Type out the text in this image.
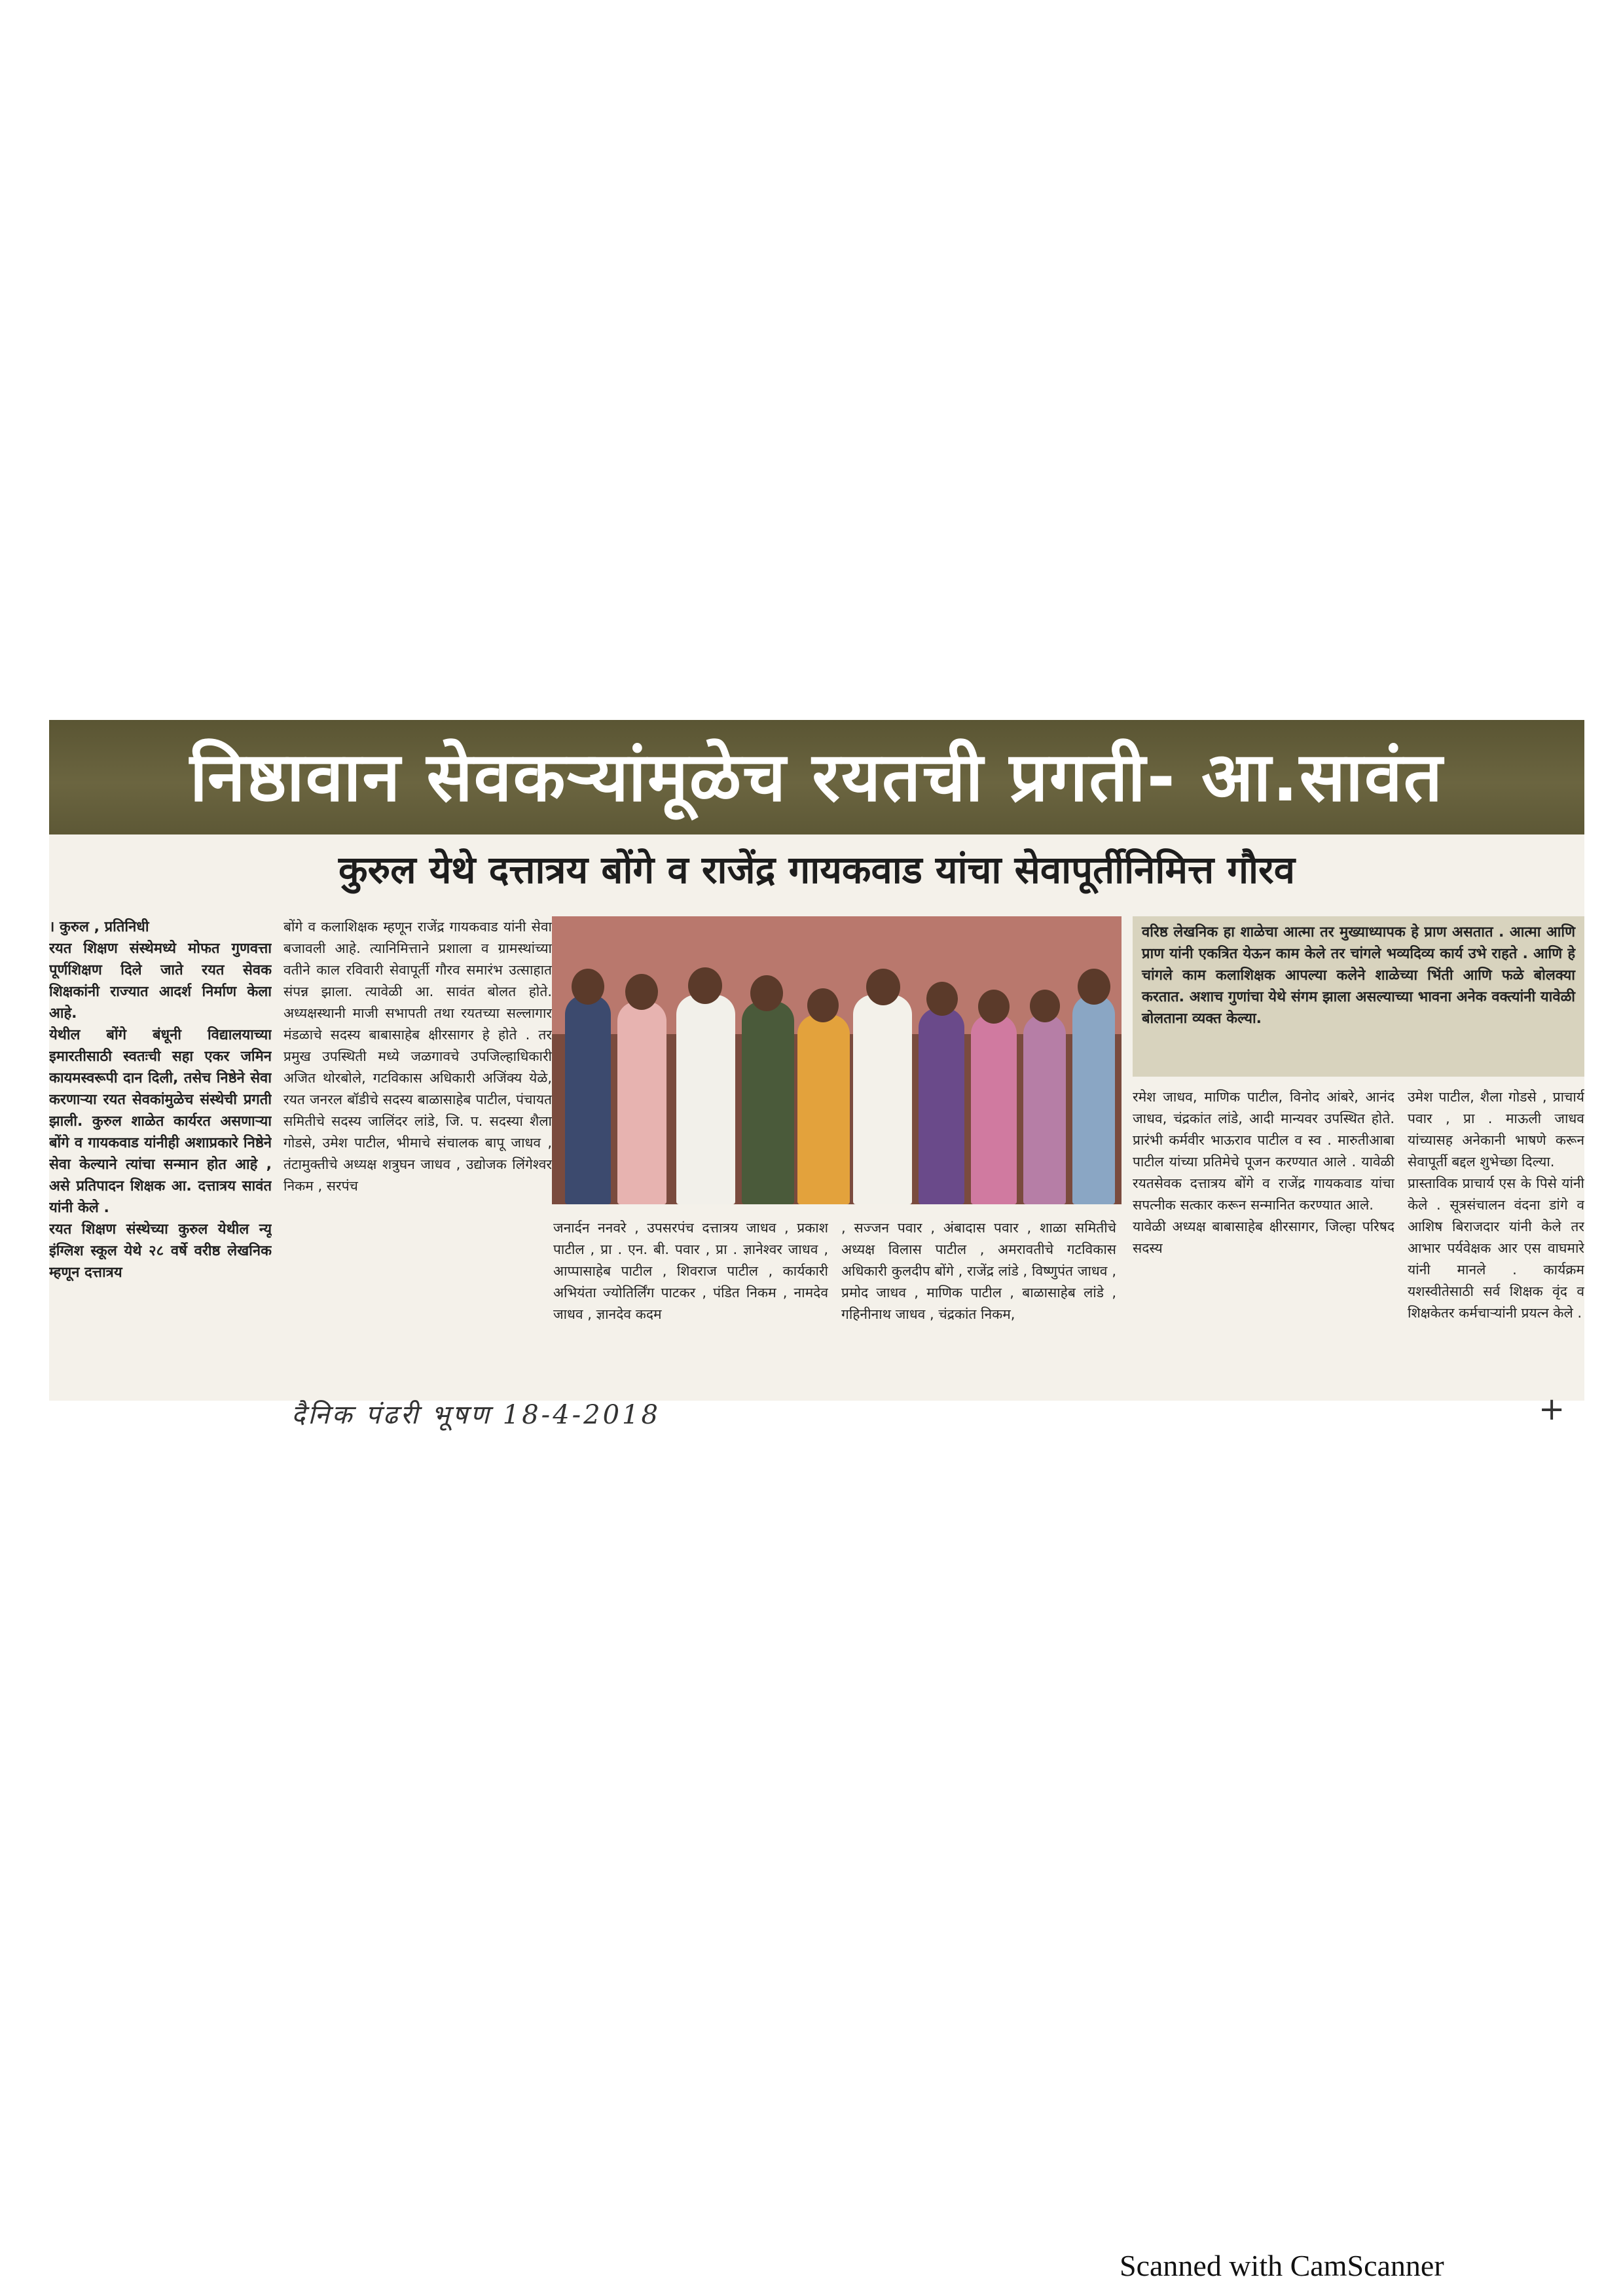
निष्ठावान सेवकऱ्यांमूळेच रयतची प्रगती- आ.सावंत
कुरुल येथे दत्तात्रय बोंगे व राजेंद्र गायकवाड यांचा सेवापूर्तीनिमित्त गौरव
। कुरुल , प्रतिनिधी
रयत शिक्षण संस्थेमध्ये मोफत गुणवत्ता पूर्णशिक्षण दिले जाते रयत सेवक शिक्षकांनी राज्यात आदर्श निर्माण केला आहे.
येथील बोंगे बंधूनी विद्यालयाच्या इमारतीसाठी स्वतःची सहा एकर जमिन कायमस्वरूपी दान दिली, तसेच निष्ठेने सेवा करणाऱ्या रयत सेवकांमुळेच संस्थेची प्रगती झाली. कुरुल शाळेत कार्यरत असणाऱ्या बोंगे व गायकवाड यांनीही अशाप्रकारे निष्ठेने सेवा केल्याने त्यांचा सन्मान होत आहे , असे प्रतिपादन शिक्षक आ. दत्तात्रय सावंत यांनी केले .
रयत शिक्षण संस्थेच्या कुरुल येथील न्यू इंग्लिश स्कूल येथे २८ वर्षे वरीष्ठ लेखनिक म्हणून दत्तात्रय
बोंगे व कलाशिक्षक म्हणून राजेंद्र गायकवाड यांनी सेवा बजावली आहे. त्यानिमित्ताने प्रशाला व ग्रामस्थांच्या वतीने काल रविवारी सेवापूर्ती गौरव समारंभ उत्साहात संपन्न झाला. त्यावेळी आ. सावंत बोलत होते. अध्यक्षस्थानी माजी सभापती तथा रयतच्या सल्लागार मंडळाचे सदस्य बाबासाहेब क्षीरसागर हे होते . तर प्रमुख उपस्थिती मध्ये जळगावचे उपजिल्हाधिकारी अजित थोरबोले, गटविकास अधिकारी अजिंक्य येळे, रयत जनरल बॉडीचे सदस्य बाळासाहेब पाटील, पंचायत समितीचे सदस्य जालिंदर लांडे, जि. प. सदस्या शैला गोडसे, उमेश पाटील, भीमाचे संचालक बापू जाधव , तंटामुक्तीचे अध्यक्ष शत्रुघन जाधव , उद्योजक लिंगेश्वर निकम , सरपंच
जनार्दन ननवरे , उपसरपंच दत्तात्रय जाधव , प्रकाश पाटील , प्रा . एन. बी. पवार , प्रा . ज्ञानेश्वर जाधव , आप्पासाहेब पाटील , शिवराज पाटील , कार्यकारी अभियंता ज्योतिर्लिंग पाटकर , पंडित निकम , नामदेव जाधव , ज्ञानदेव कदम
, सज्जन पवार , अंबादास पवार , शाळा समितीचे अध्यक्ष विलास पाटील , अमरावतीचे गटविकास अधिकारी कुलदीप बोंगे , राजेंद्र लांडे , विष्णुपंत जाधव , प्रमोद जाधव , माणिक पाटील , बाळासाहेब लांडे , गहिनीनाथ जाधव , चंद्रकांत निकम,
वरिष्ठ लेखनिक हा शाळेचा आत्मा तर मुख्याध्यापक हे प्राण असतात . आत्मा आणि प्राण यांनी एकत्रित येऊन काम केले तर चांगले भव्यदिव्य कार्य उभे राहते . आणि हे चांगले काम कलाशिक्षक आपल्या कलेने शाळेच्या भिंती आणि फळे बोलक्या करतात. अशाच गुणांचा येथे संगम झाला असल्याच्या भावना अनेक वक्त्यांनी यावेळी बोलताना व्यक्त केल्या.
रमेश जाधव, माणिक पाटील, विनोद आंबरे, आनंद जाधव, चंद्रकांत लांडे, आदी मान्यवर उपस्थित होते. प्रारंभी कर्मवीर भाऊराव पाटील व स्व . मारुतीआबा पाटील यांच्या प्रतिमेचे पूजन करण्यात आले . यावेळी रयतसेवक दत्तात्रय बोंगे व राजेंद्र गायकवाड यांचा सपत्नीक सत्कार करून सन्मानित करण्यात आले.
यावेळी अध्यक्ष बाबासाहेब क्षीरसागर, जिल्हा परिषद सदस्य
उमेश पाटील, शैला गोडसे , प्राचार्य पवार , प्रा . माऊली जाधव यांच्यासह अनेकानी भाषणे करून सेवापूर्ती बद्दल शुभेच्छा दिल्या.
प्रास्ताविक प्राचार्य एस के पिसे यांनी केले . सूत्रसंचालन वंदना डांगे व आशिष बिराजदार यांनी केले तर आभार पर्यवेक्षक आर एस वाघमारे यांनी मानले . कार्यक्रम यशस्वीतेसाठी सर्व शिक्षक वृंद व शिक्षकेतर कर्मचाऱ्यांनी प्रयत्न केले .
दैनिक पंढरी भूषण 18-4-2018	+
Scanned with CamScanner
